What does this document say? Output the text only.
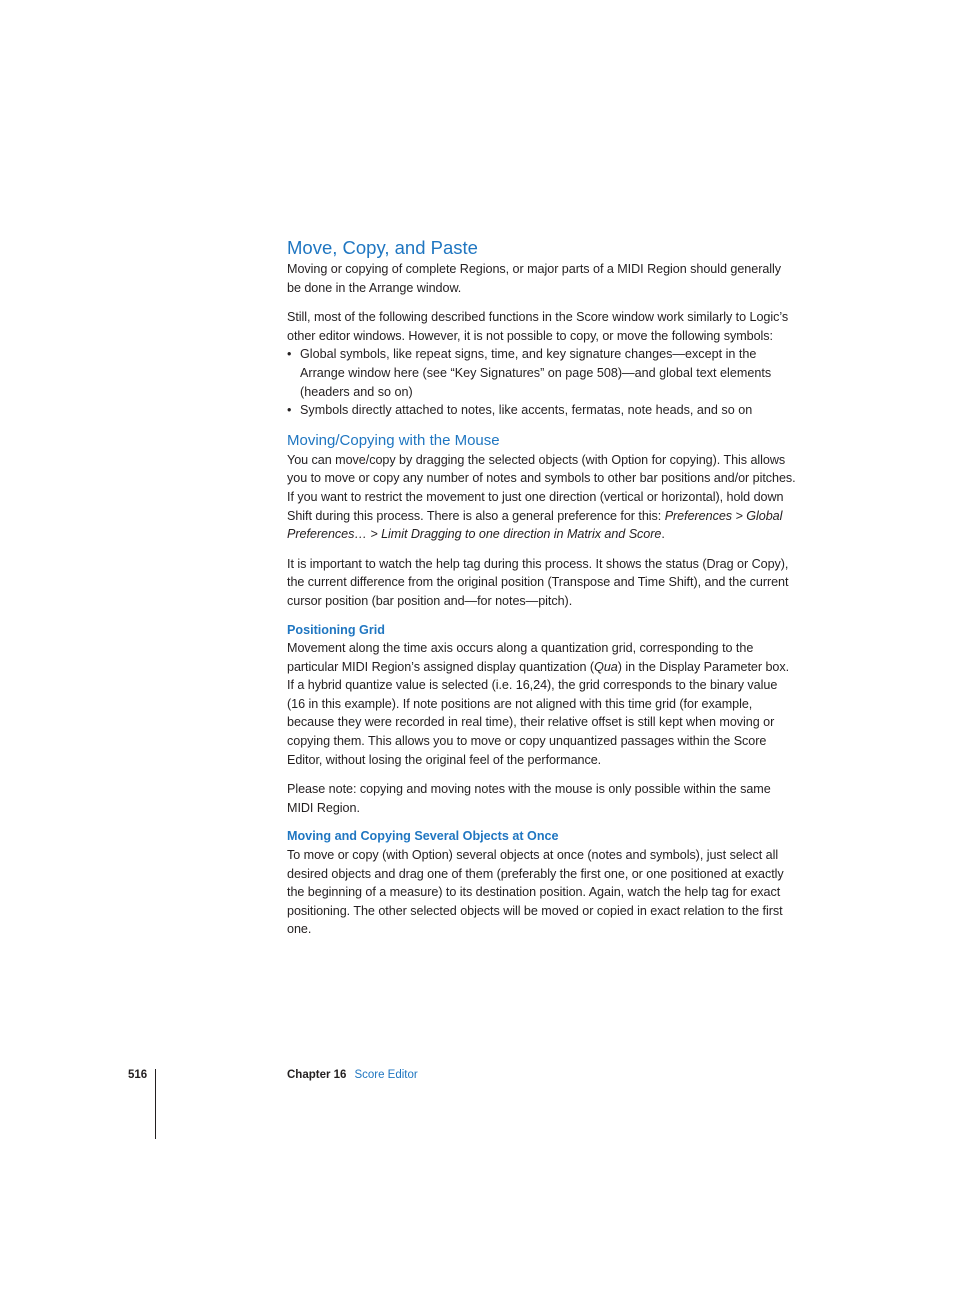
Move, Copy, and Paste

Moving or copying of complete Regions, or major parts of a MIDI Region should generally be done in the Arrange window.

Still, most of the following described functions in the Score window work similarly to Logic’s other editor windows. However, it is not possible to copy, or move the following symbols:

• Global symbols, like repeat signs, time, and key signature changes—except in the Arrange window here (see “Key Signatures” on page 508)—and global text elements (headers and so on)
• Symbols directly attached to notes, like accents, fermatas, note heads, and so on
Moving/Copying with the Mouse

You can move/copy by dragging the selected objects (with Option for copying). This allows you to move or copy any number of notes and symbols to other bar positions and/or pitches. If you want to restrict the movement to just one direction (vertical or horizontal), hold down Shift during this process. There is also a general preference for this: Preferences > Global Preferences… > Limit Dragging to one direction in Matrix and Score.

It is important to watch the help tag during this process. It shows the status (Drag or Copy), the current difference from the original position (Transpose and Time Shift), and the current cursor position (bar position and—for notes—pitch).

Positioning Grid

Movement along the time axis occurs along a quantization grid, corresponding to the particular MIDI Region’s assigned display quantization (Qua) in the Display Parameter box. If a hybrid quantize value is selected (i.e. 16,24), the grid corresponds to the binary value (16 in this example). If note positions are not aligned with this time grid (for example, because they were recorded in real time), their relative offset is still kept when moving or copying them. This allows you to move or copy unquantized passages within the Score Editor, without losing the original feel of the performance.

Please note: copying and moving notes with the mouse is only possible within the same MIDI Region.

Moving and Copying Several Objects at Once

To move or copy (with Option) several objects at once (notes and symbols), just select all desired objects and drag one of them (preferably the first one, or one positioned at exactly the beginning of a measure) to its destination position. Again, watch the help tag for exact positioning. The other selected objects will be moved or copied in exact relation to the first one.

516	Chapter 16 Score Editor
